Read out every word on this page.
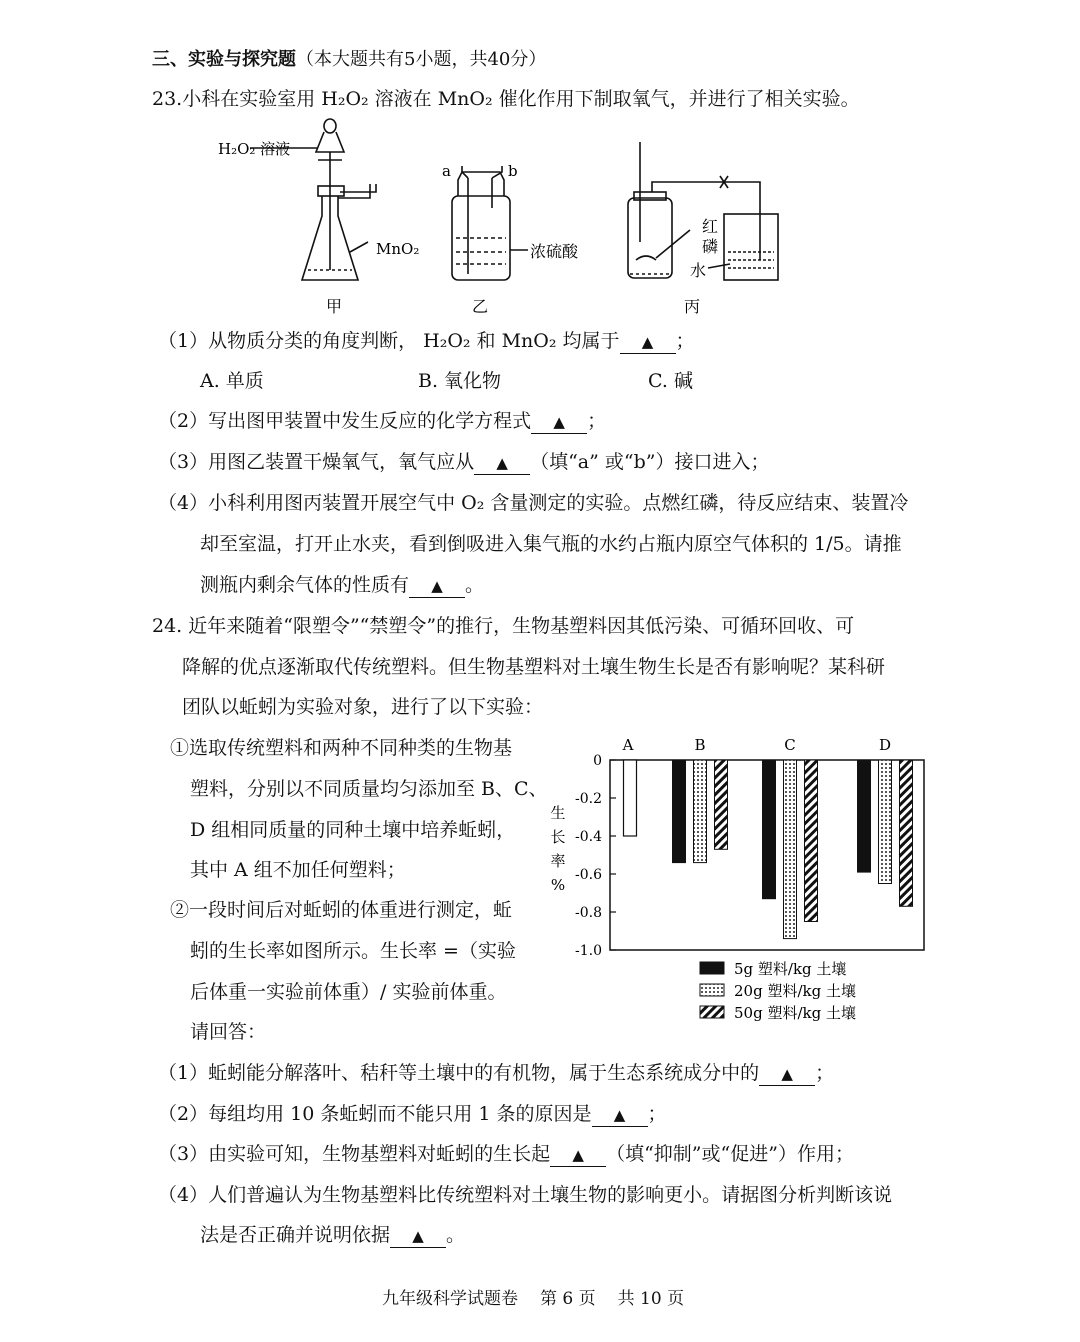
三、实验与探究题（本大题共有5小题，共40分）
23.小科在实验室用 H₂O₂ 溶液在 MnO₂ 催化作用下制取氧气，并进行了相关实验。
H₂O₂ 溶液
MnO₂
甲
a	b
浓硫酸
乙
红
磷
水
丙
（1）从物质分类的角度判断， H₂O₂ 和 MnO₂ 均属于 ▲ ；
A. 单质	B. 氧化物	C. 碱
（2）写出图甲装置中发生反应的化学方程式 ▲ ；
（3）用图乙装置干燥氧气，氧气应从 ▲ （填“a” 或“b”）接口进入；
（4）小科利用图丙装置开展空气中 O₂ 含量测定的实验。点燃红磷，待反应结束、装置冷
却至室温，打开止水夹，看到倒吸进入集气瓶的水约占瓶内原空气体积的 1/5。请推
测瓶内剩余气体的性质有 ▲ 。
24. 近年来随着“限塑令”“禁塑令”的推行，生物基塑料因其低污染、可循环回收、可
降解的优点逐渐取代传统塑料。但生物基塑料对土壤生物生长是否有影响呢？某科研
团队以蚯蚓为实验对象，进行了以下实验：
①选取传统塑料和两种不同种类的生物基
塑料，分别以不同质量均匀添加至 B、C、
D 组相同质量的同种土壤中培养蚯蚓，
其中 A 组不加任何塑料；
②一段时间后对蚯蚓的体重进行测定，蚯
蚓的生长率如图所示。生长率 =（实验
后体重一实验前体重）/ 实验前体重。
请回答：
0
-0.2
-0.4
-0.6
-0.8
-1.0
生
长
率
%
A	B	C	D
5g 塑料/kg 土壤
20g 塑料/kg 土壤
50g 塑料/kg 土壤
（1）蚯蚓能分解落叶、秸秆等土壤中的有机物，属于生态系统成分中的 ▲ ；
（2）每组均用 10 条蚯蚓而不能只用 1 条的原因是 ▲ ；
（3）由实验可知，生物基塑料对蚯蚓的生长起 ▲ （填“抑制”或“促进”）作用；
（4）人们普遍认为生物基塑料比传统塑料对土壤生物的影响更小。请据图分析判断该说
法是否正确并说明依据 ▲ 。
九年级科学试题卷 第 6 页 共 10 页
